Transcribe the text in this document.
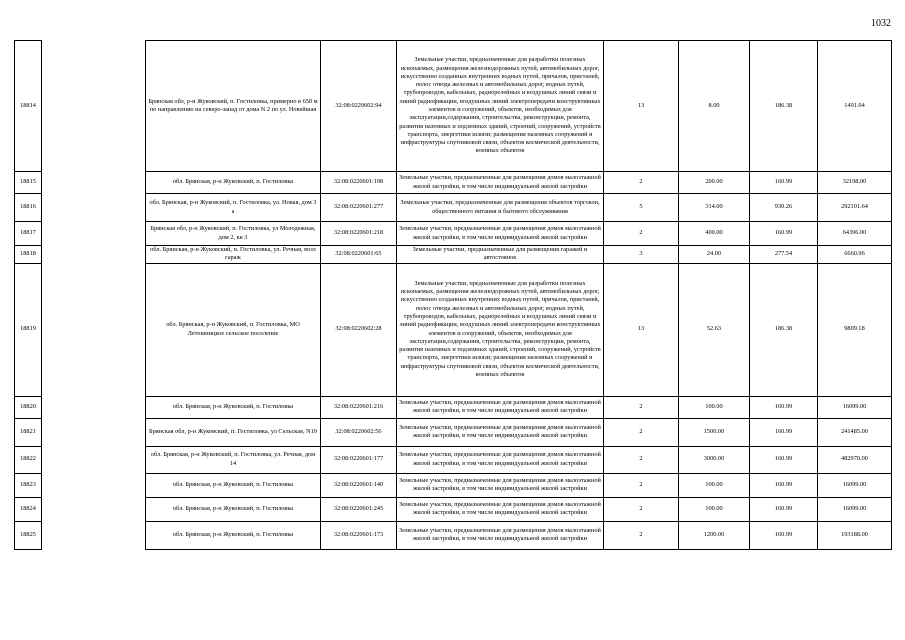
1032
18814		Брянская обл, р-н Жуковский, п. Гостиловка, примерно в 650 м по направлению на северо-запад от дома N 2 по ул. Новейшая	32:08:0220602:94	Земельные участки, предназначенные для разработки полезных ископаемых, размещения железнодорожных путей, автомобильных дорог, искусственно созданных внутренних водных путей, причалов, пристаней, полос отвода железных и автомобильных дорог, водных путей, трубопроводов, кабельных, радиорелейных и воздушных линий связи и линий радиофикации, воздушных линий электропередачи конструктивных элементов и сооружений, объектов, необходимых для эксплуатации,содержания, строительства, реконструкции, ремонта, развития наземных и подземных зданий, строений, сооружений, устройств транспорта, энергетики исвязи; размещения наземных сооружений и инфраструктуры спутниковой связи, объектов космической деятельности, военных объектов	13	8.00	186.38	1491.04
18815		обл. Брянская, р-н Жуковский, п. Гостиловка	32:08:0220601:198	Земельные участки, предназначенные для размещения домов малоэтажной жилой застройки, в том числе индивидуальной жилой застройки	2	200.00	160.99	32198.00
18816		обл. Брянская, р-н Жуковский, п. Гостиловка, ул. Новая, дом 3 а	32:08:0220601:277	Земельные участки, предназначенные для размещения объектов торговли, общественного питания и бытового обслуживания	5	314.00	930.26	292101.64
18817		Брянская обл, р-н Жуковский, п. Гостиловка, ул Молодежная, дом 2, кв 3	32:08:0220601:218	Земельные участки, предназначенные для размещения домов малоэтажной жилой застройки, в том числе индивидуальной жилой застройки	2	400.00	160.99	64396.00
18818		обл. Брянская, р-н Жуковский, п. Гостиловка, ул. Речная, возл гараж	32:08:0220601:65	Земельные участки, предназначенные для размещения гаражей и автостоянок	3	24.00	277.54	6660.96
18819		обл. Брянская, р-н Жуковский, п. Гостиловка, МО Летошницкое сельское поселение	32:08:0220602:28	Земельные участки, предназначенные для разработки полезных ископаемых, размещения железнодорожных путей, автомобильных дорог, искусственно созданных внутренних водных путей, причалов, пристаней, полос отвода железных и автомобильных дорог, водных путей, трубопроводов, кабельных, радиорелейных и воздушных линий связи и линий радиофикации, воздушных линий электропередачи конструктивных элементов и сооружений, объектов, необходимых для эксплуатации,содержания, строительства, реконструкции, ремонта, развития наземных и подземных зданий, строений, сооружений, устройств транспорта, энергетики исвязи; размещения наземных сооружений и инфраструктуры спутниковой связи, объектов космической деятельности, военных объектов	13	52.63	186.38	9809.18
18820		обл. Брянская, р-н Жуковский, п. Гостиловка	32:08:0220601:216	Земельные участки, предназначенные для размещения домов малоэтажной жилой застройки, в том числе индивидуальной жилой застройки	2	100.00	160.99	16099.00
18821		Брянская обл, р-н Жуковский, п. Гостиловка, ул Сельская, N19	32:08:0220602:56	Земельные участки, предназначенные для размещения домов малоэтажной жилой застройки, в том числе индивидуальной жилой застройки	2	1500.00	160.99	241485.00
18822		обл. Брянская, р-н Жуковский, п. Гостиловка, ул. Речная, дом 14	32:08:0220601:177	Земельные участки, предназначенные для размещения домов малоэтажной жилой застройки, в том числе индивидуальной жилой застройки	2	3000.00	160.99	482970.00
18823		обл. Брянская, р-н Жуковский, п. Гостиловка	32:08:0220601:140	Земельные участки, предназначенные для размещения домов малоэтажной жилой застройки, в том числе индивидуальной жилой застройки	2	100.00	160.99	16099.00
18824		обл. Брянская, р-н Жуковский, п. Гостиловка	32:08:0220601:245	Земельные участки, предназначенные для размещения домов малоэтажной жилой застройки, в том числе индивидуальной жилой застройки	2	100.00	160.99	16099.00
18825		обл. Брянская, р-н Жуковский, п. Гостиловка	32:08:0220601:173	Земельные участки, предназначенные для размещения домов малоэтажной жилой застройки, в том числе индивидуальной жилой застройки	2	1200.00	160.99	193188.00
